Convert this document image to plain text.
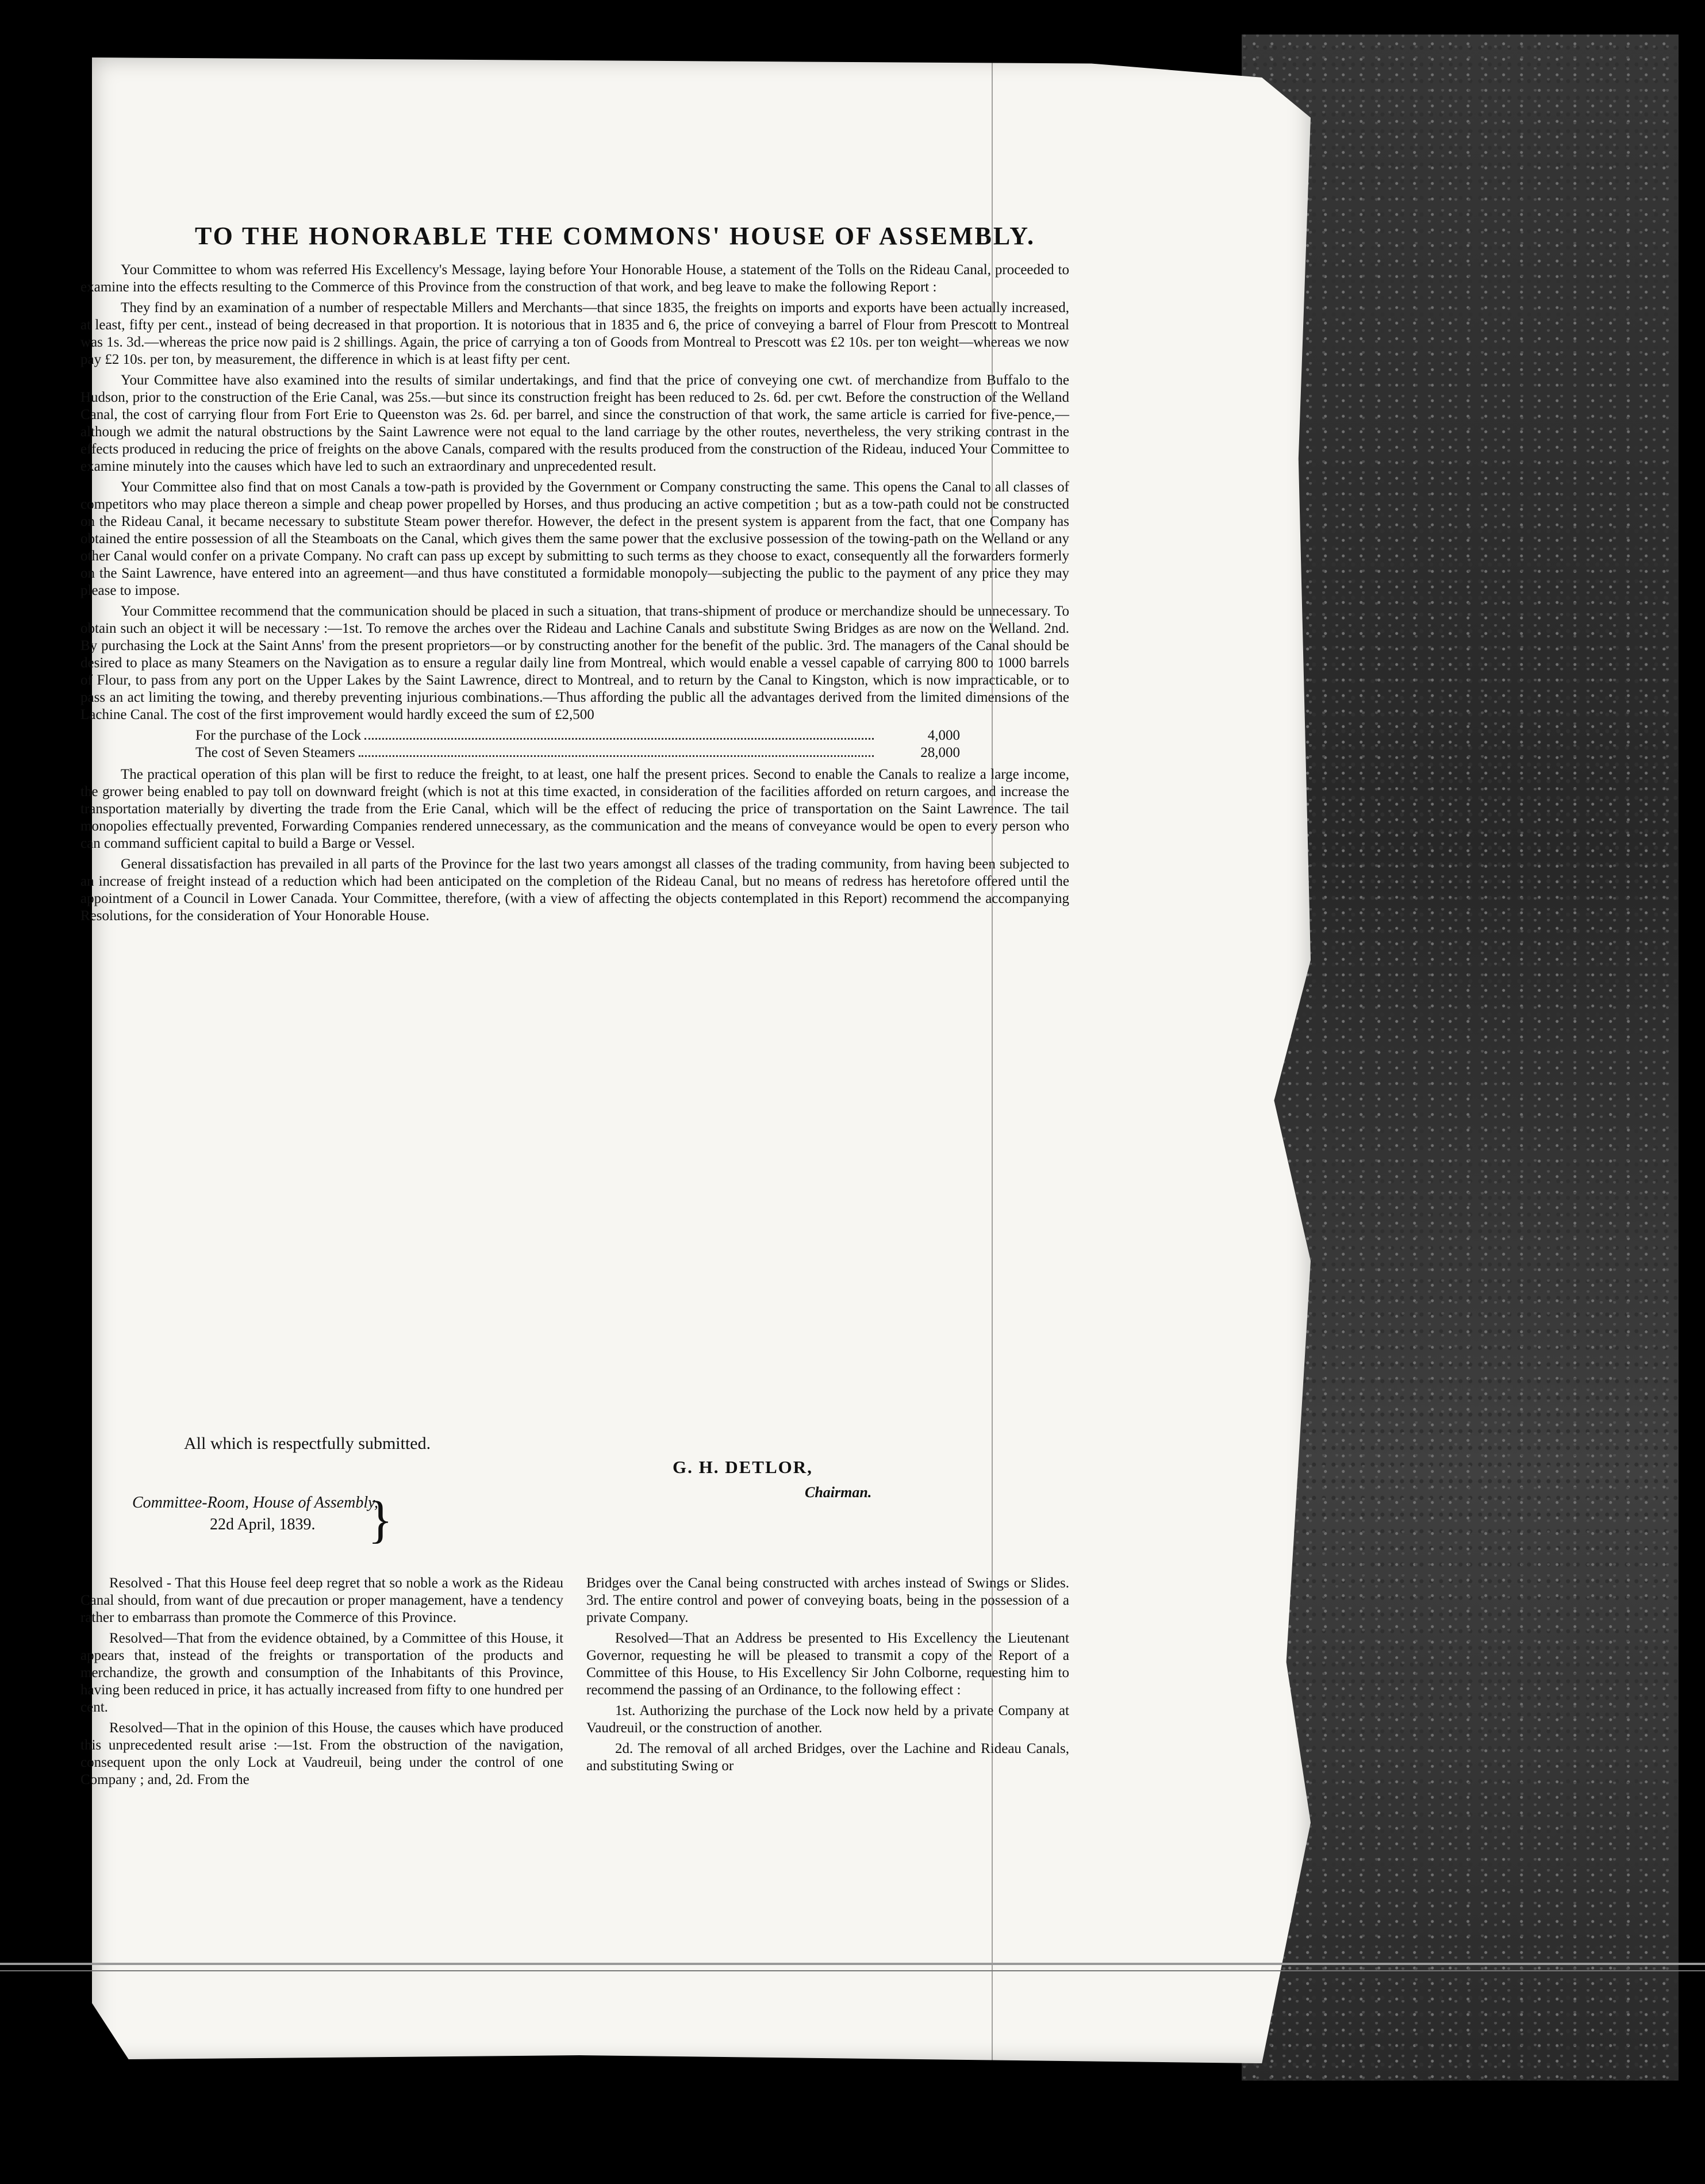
TO THE HONORABLE THE COMMONS' HOUSE OF ASSEMBLY.

Your Committee to whom was referred His Excellency's Message, laying before Your Honorable House, a statement of the Tolls on the Rideau Canal, proceeded to examine into the effects resulting to the Commerce of this Province from the construction of that work, and beg leave to make the following Report :

They find by an examination of a number of respectable Millers and Merchants—that since 1835, the freights on imports and exports have been actually increased, at least, fifty per cent., instead of being decreased in that proportion. It is notorious that in 1835 and 6, the price of conveying a barrel of Flour from Prescott to Montreal was 1s. 3d.—whereas the price now paid is 2 shillings. Again, the price of carrying a ton of Goods from Montreal to Prescott was £2 10s. per ton weight—whereas we now pay £2 10s. per ton, by measurement, the difference in which is at least fifty per cent.

Your Committee have also examined into the results of similar undertakings, and find that the price of conveying one cwt. of merchandize from Buffalo to the Hudson, prior to the construction of the Erie Canal, was 25s.—but since its construction freight has been reduced to 2s. 6d. per cwt. Before the construction of the Welland Canal, the cost of carrying flour from Fort Erie to Queenston was 2s. 6d. per barrel, and since the construction of that work, the same article is carried for five-pence,—although we admit the natural obstructions by the Saint Lawrence were not equal to the land carriage by the other routes, nevertheless, the very striking contrast in the effects produced in reducing the price of freights on the above Canals, compared with the results produced from the construction of the Rideau, induced Your Committee to examine minutely into the causes which have led to such an extraordinary and unprecedented result.

Your Committee also find that on most Canals a tow-path is provided by the Government or Company constructing the same. This opens the Canal to all classes of competitors who may place thereon a simple and cheap power propelled by Horses, and thus producing an active competition ; but as a tow-path could not be constructed on the Rideau Canal, it became necessary to substitute Steam power therefor. However, the defect in the present system is apparent from the fact, that one Company has obtained the entire possession of all the Steamboats on the Canal, which gives them the same power that the exclusive possession of the towing-path on the Welland or any other Canal would confer on a private Company. No craft can pass up except by submitting to such terms as they choose to exact, consequently all the forwarders formerly on the Saint Lawrence, have entered into an agreement—and thus have constituted a formidable monopoly—subjecting the public to the payment of any price they may please to impose.

Your Committee recommend that the communication should be placed in such a situation, that trans-shipment of produce or merchandize should be unnecessary. To obtain such an object it will be necessary :—1st. To remove the arches over the Rideau and Lachine Canals and substitute Swing Bridges as are now on the Welland. 2nd. By purchasing the Lock at the Saint Anns' from the present proprietors—or by constructing another for the benefit of the public. 3rd. The managers of the Canal should be desired to place as many Steamers on the Navigation as to ensure a regular daily line from Montreal, which would enable a vessel capable of carrying 800 to 1000 barrels of Flour, to pass from any port on the Upper Lakes by the Saint Lawrence, direct to Montreal, and to return by the Canal to Kingston, which is now impracticable, or to pass an act limiting the towing, and thereby preventing injurious combinations.—Thus affording the public all the advantages derived from the limited dimensions of the Lachine Canal. The cost of the first improvement would hardly exceed the sum of £2,500

For the purchase of the Lock	4,000
The cost of Seven Steamers	28,000

The practical operation of this plan will be first to reduce the freight, to at least, one half the present prices. Second to enable the Canals to realize a large income, the grower being enabled to pay toll on downward freight (which is not at this time exacted, in consideration of the facilities afforded on return cargoes, and increase the transportation materially by diverting the trade from the Erie Canal, which will be the effect of reducing the price of transportation on the Saint Lawrence. The tail monopolies effectually prevented, Forwarding Companies rendered unnecessary, as the communication and the means of conveyance would be open to every person who can command sufficient capital to build a Barge or Vessel.

General dissatisfaction has prevailed in all parts of the Province for the last two years amongst all classes of the trading community, from having been subjected to an increase of freight instead of a reduction which had been anticipated on the completion of the Rideau Canal, but no means of redress has heretofore offered until the appointment of a Council in Lower Canada. Your Committee, therefore, (with a view of affecting the objects contemplated in this Report) recommend the accompanying Resolutions, for the consideration of Your Honorable House.

All which is respectfully submitted.
G. H. DETLOR,
Chairman.
Committee-Room, House of Assembly,
22d April, 1839.	}

Resolved - That this House feel deep regret that so noble a work as the Rideau Canal should, from want of due precaution or proper management, have a tendency rather to embarrass than promote the Commerce of this Province.

Resolved—That from the evidence obtained, by a Committee of this House, it appears that, instead of the freights or transportation of the products and merchandize, the growth and consumption of the Inhabitants of this Province, having been reduced in price, it has actually increased from fifty to one hundred per cent.

Resolved—That in the opinion of this House, the causes which have produced this unprecedented result arise :—1st. From the obstruction of the navigation, consequent upon the only Lock at Vaudreuil, being under the control of one Company ; and, 2d. From the

Bridges over the Canal being constructed with arches instead of Swings or Slides. 3rd. The entire control and power of conveying boats, being in the possession of a private Company.

Resolved—That an Address be presented to His Excellency the Lieutenant Governor, requesting he will be pleased to transmit a copy of the Report of a Committee of this House, to His Excellency Sir John Colborne, requesting him to recommend the passing of an Ordinance, to the following effect :

1st. Authorizing the purchase of the Lock now held by a private Company at Vaudreuil, or the construction of another.

2d. The removal of all arched Bridges, over the Lachine and Rideau Canals, and substituting Swing or
